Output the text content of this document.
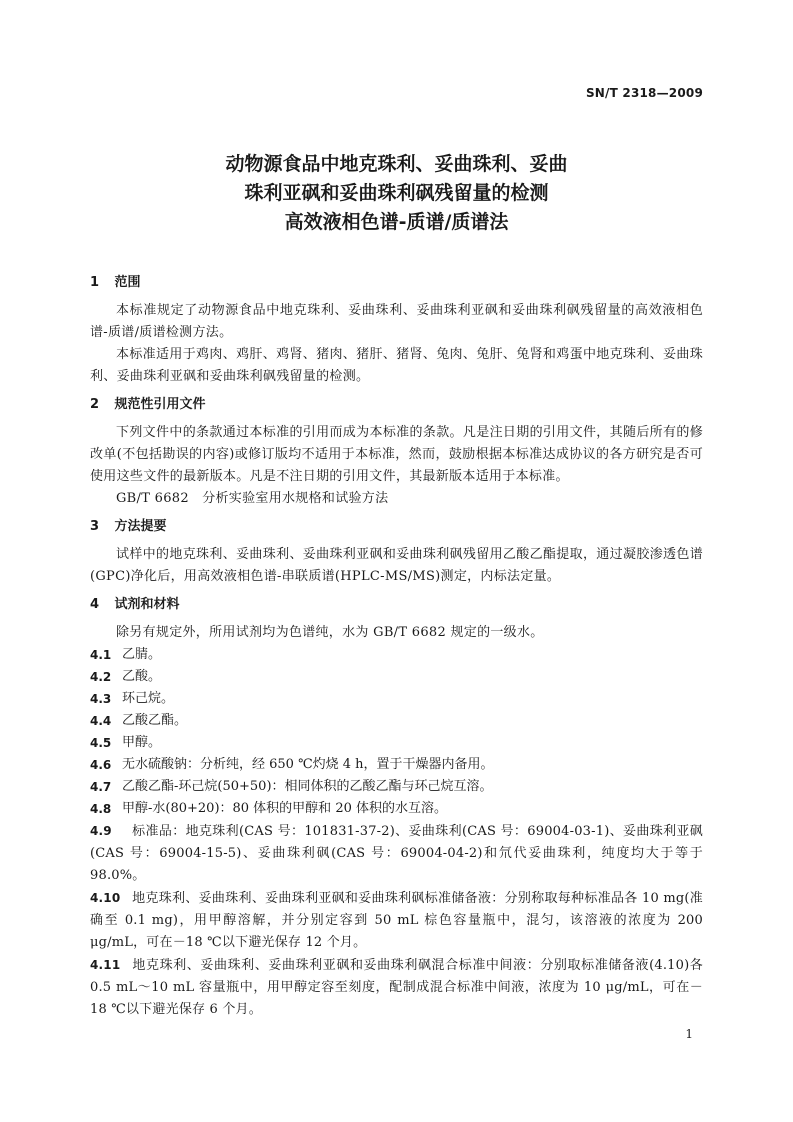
SN/T 2318—2009
动物源食品中地克珠利、妥曲珠利、妥曲
珠利亚砜和妥曲珠利砜残留量的检测
高效液相色谱-质谱/质谱法
1 范围
本标准规定了动物源食品中地克珠利、妥曲珠利、妥曲珠利亚砜和妥曲珠利砜残留量的高效液相色谱-质谱/质谱检测方法。
本标准适用于鸡肉、鸡肝、鸡肾、猪肉、猪肝、猪肾、兔肉、兔肝、兔肾和鸡蛋中地克珠利、妥曲珠利、妥曲珠利亚砜和妥曲珠利砜残留量的检测。
2 规范性引用文件
下列文件中的条款通过本标准的引用而成为本标准的条款。凡是注日期的引用文件，其随后所有的修改单(不包括勘误的内容)或修订版均不适用于本标准，然而，鼓励根据本标准达成协议的各方研究是否可使用这些文件的最新版本。凡是不注日期的引用文件，其最新版本适用于本标准。
GB/T 6682　分析实验室用水规格和试验方法
3 方法提要
试样中的地克珠利、妥曲珠利、妥曲珠利亚砜和妥曲珠利砜残留用乙酸乙酯提取，通过凝胶渗透色谱(GPC)净化后，用高效液相色谱-串联质谱(HPLC-MS/MS)测定，内标法定量。
4 试剂和材料
除另有规定外，所用试剂均为色谱纯，水为 GB/T 6682 规定的一级水。
4.1 乙腈。
4.2 乙酸。
4.3 环己烷。
4.4 乙酸乙酯。
4.5 甲醇。
4.6 无水硫酸钠：分析纯，经 650 ℃灼烧 4 h，置于干燥器内备用。
4.7 乙酸乙酯-环己烷(50+50)：相同体积的乙酸乙酯与环己烷互溶。
4.8 甲醇-水(80+20)：80 体积的甲醇和 20 体积的水互溶。
4.9 标准品：地克珠利(CAS 号：101831-37-2)、妥曲珠利(CAS 号：69004-03-1)、妥曲珠利亚砜(CAS 号：69004-15-5)、妥曲珠利砜(CAS 号：69004-04-2)和氘代妥曲珠利，纯度均大于等于 98.0%。
4.10 地克珠利、妥曲珠利、妥曲珠利亚砜和妥曲珠利砜标准储备液：分别称取每种标准品各 10 mg(准确至 0.1 mg)，用甲醇溶解，并分别定容到 50 mL 棕色容量瓶中，混匀，该溶液的浓度为 200 μg/mL，可在－18 ℃以下避光保存 12 个月。
4.11 地克珠利、妥曲珠利、妥曲珠利亚砜和妥曲珠利砜混合标准中间液：分别取标准储备液(4.10)各 0.5 mL～10 mL 容量瓶中，用甲醇定容至刻度，配制成混合标准中间液，浓度为 10 μg/mL，可在－18 ℃以下避光保存 6 个月。
1
